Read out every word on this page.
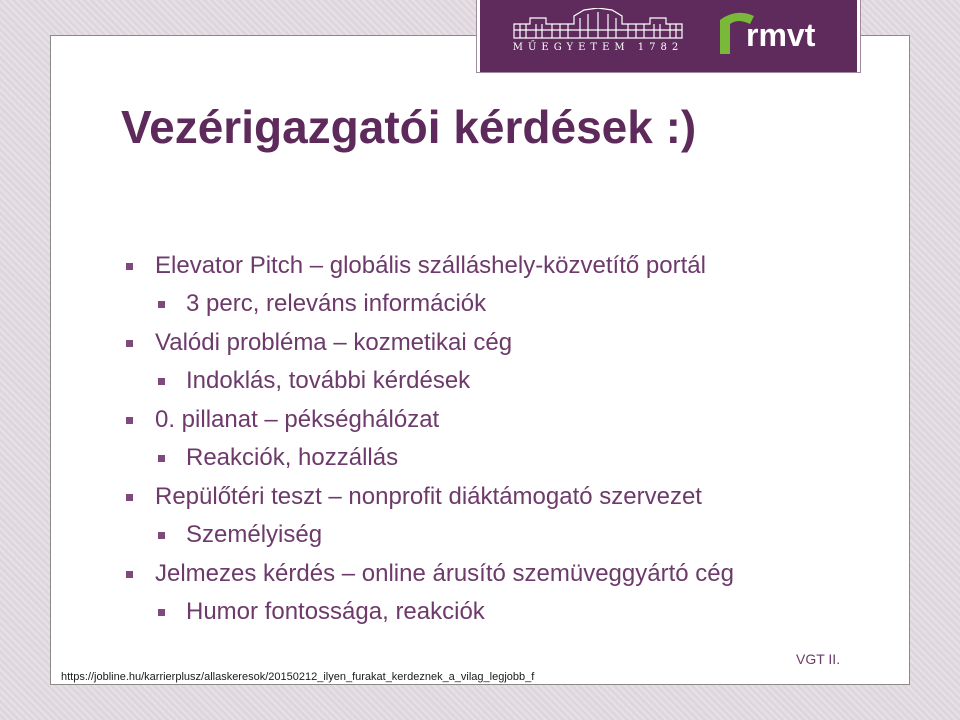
MŰEGYETEM 1782 rmvt
Vezérigazgatói kérdések :)
Elevator Pitch – globális szálláshely-közvetítő portál
3 perc, releváns információk
Valódi probléma – kozmetikai cég
Indoklás, további kérdések
0. pillanat – pékséghálózat
Reakciók, hozzállás
Repülőtéri teszt – nonprofit diáktámogató szervezet
Személyiség
Jelmezes kérdés – online árusító szemüveggyártó cég
Humor fontossága, reakciók
https://jobline.hu/karrierplusz/allaskeresok/20150212_ilyen_furakat_kerdeznek_a_vilag_legjobb_f
VGT II.
